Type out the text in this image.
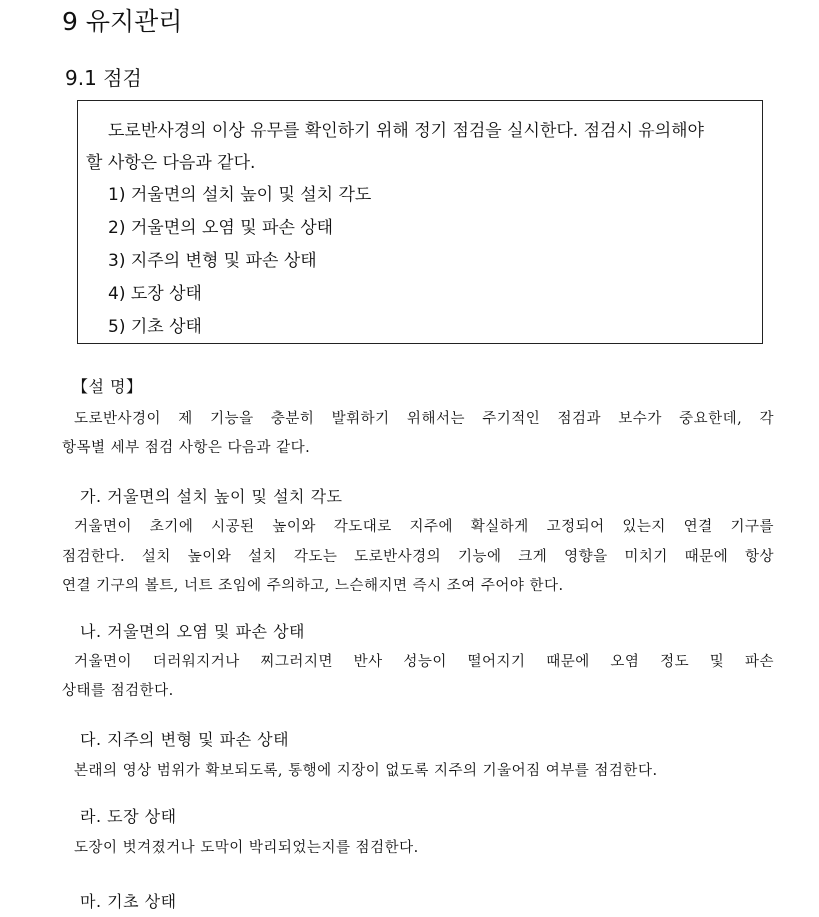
9 유지관리
9.1 점검
도로반사경의 이상 유무를 확인하기 위해 정기 점검을 실시한다. 점검시 유의해야
할 사항은 다음과 같다.
1) 거울면의 설치 높이 및 설치 각도
2) 거울면의 오염 및 파손 상태
3) 지주의 변형 및 파손 상태
4) 도장 상태
5) 기초 상태
【설 명】
도로반사경이 제 기능을 충분히 발휘하기 위해서는 주기적인 점검과 보수가 중요한데, 각
항목별 세부 점검 사항은 다음과 같다.
가. 거울면의 설치 높이 및 설치 각도
거울면이 초기에 시공된 높이와 각도대로 지주에 확실하게 고정되어 있는지 연결 기구를
점검한다. 설치 높이와 설치 각도는 도로반사경의 기능에 크게 영향을 미치기 때문에 항상
연결 기구의 볼트, 너트 조임에 주의하고, 느슨해지면 즉시 조여 주어야 한다.
나. 거울면의 오염 및 파손 상태
거울면이 더러워지거나 찌그러지면 반사 성능이 떨어지기 때문에 오염 정도 및 파손
상태를 점검한다.
다. 지주의 변형 및 파손 상태
본래의 영상 범위가 확보되도록, 통행에 지장이 없도록 지주의 기울어짐 여부를 점검한다.
라. 도장 상태
도장이 벗겨졌거나 도막이 박리되었는지를 점검한다.
마. 기초 상태
